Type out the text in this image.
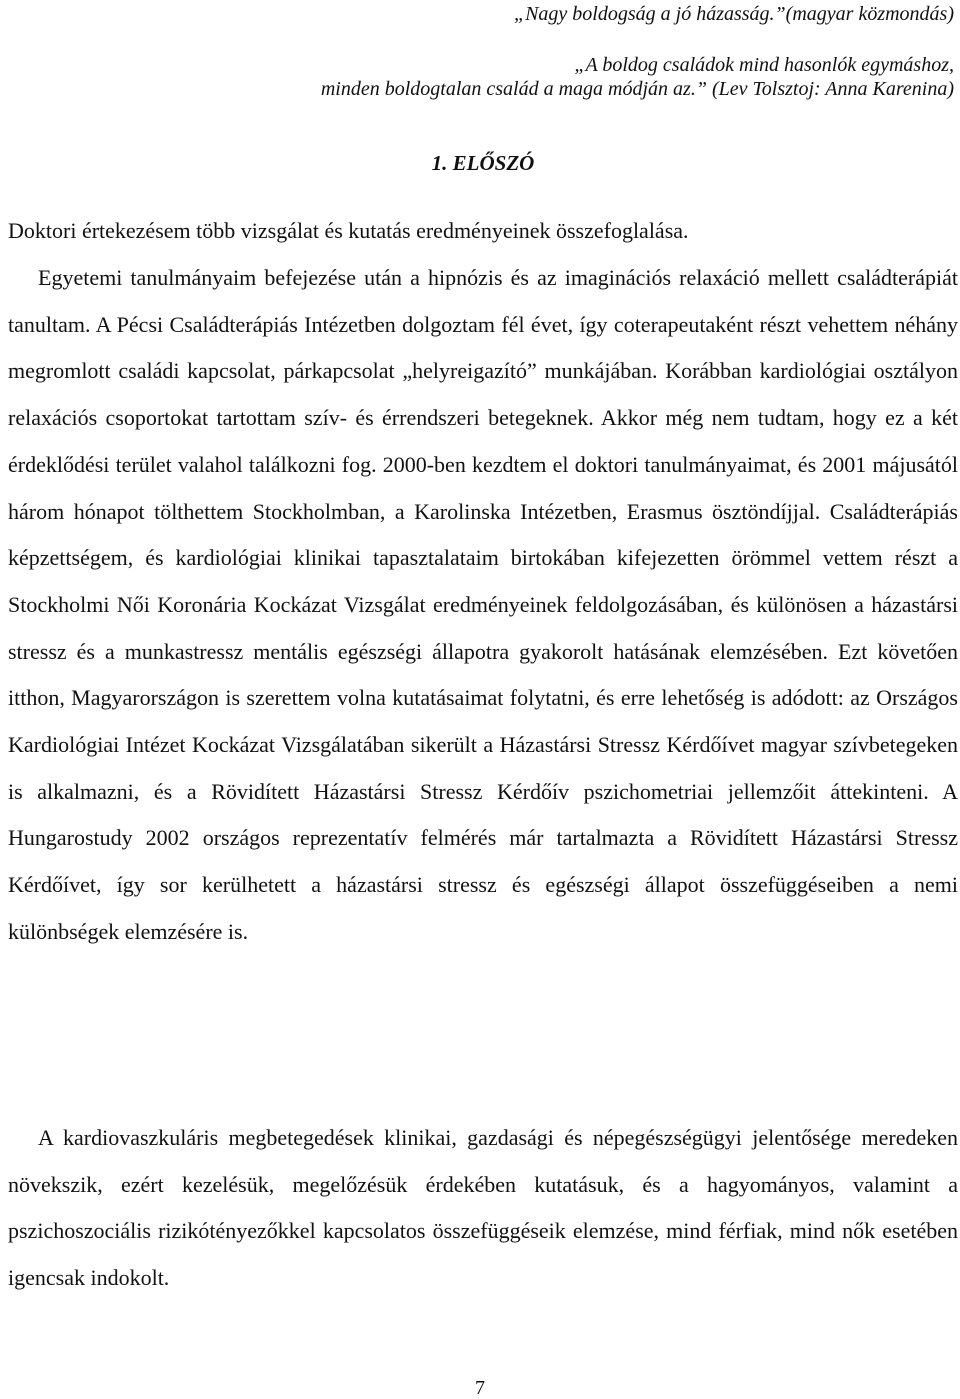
„Nagy boldogság a jó házasság.”(magyar közmondás)
„A boldog családok mind hasonlók egymáshoz,
minden boldogtalan család a maga módján az.” (Lev Tolsztoj: Anna Karenina)
1. ELŐSZÓ

Doktori értekezésem több vizsgálat és kutatás eredményeinek összefoglalása.

Egyetemi tanulmányaim befejezése után a hipnózis és az imaginációs relaxáció mellett családterápiát tanultam. A Pécsi Családterápiás Intézetben dolgoztam fél évet, így coterapeutaként részt vehettem néhány megromlott családi kapcsolat, párkapcsolat „helyreigazító” munkájában. Korábban kardiológiai osztályon relaxációs csoportokat tartottam szív- és érrendszeri betegeknek. Akkor még nem tudtam, hogy ez a két érdeklődési terület valahol találkozni fog. 2000-ben kezdtem el doktori tanulmányaimat, és 2001 májusától három hónapot tölthettem Stockholmban, a Karolinska Intézetben, Erasmus ösztöndíjjal. Családterápiás képzettségem, és kardiológiai klinikai tapasztalataim birtokában kifejezetten örömmel vettem részt a Stockholmi Női Koronária Kockázat Vizsgálat eredményeinek feldolgozásában, és különösen a házastársi stressz és a munkastressz mentális egészségi állapotra gyakorolt hatásának elemzésében. Ezt követően itthon, Magyarországon is szerettem volna kutatásaimat folytatni, és erre lehetőség is adódott: az Országos Kardiológiai Intézet Kockázat Vizsgálatában sikerült a Házastársi Stressz Kérdőívet magyar szívbetegeken is alkalmazni, és a Rövidített Házastársi Stressz Kérdőív pszichometriai jellemzőit áttekinteni. A Hungarostudy 2002 országos reprezentatív felmérés már tartalmazta a Rövidített Házastársi Stressz Kérdőívet, így sor kerülhetett a házastársi stressz és egészségi állapot összefüggéseiben a nemi különbségek elemzésére is.

A kardiovaszkuláris megbetegedések klinikai, gazdasági és népegészségügyi jelentősége meredeken növekszik, ezért kezelésük, megelőzésük érdekében kutatásuk, és a hagyományos, valamint a pszichoszociális rizikótényezőkkel kapcsolatos összefüggéseik elemzése, mind férfiak, mind nők esetében igencsak indokolt.

7
